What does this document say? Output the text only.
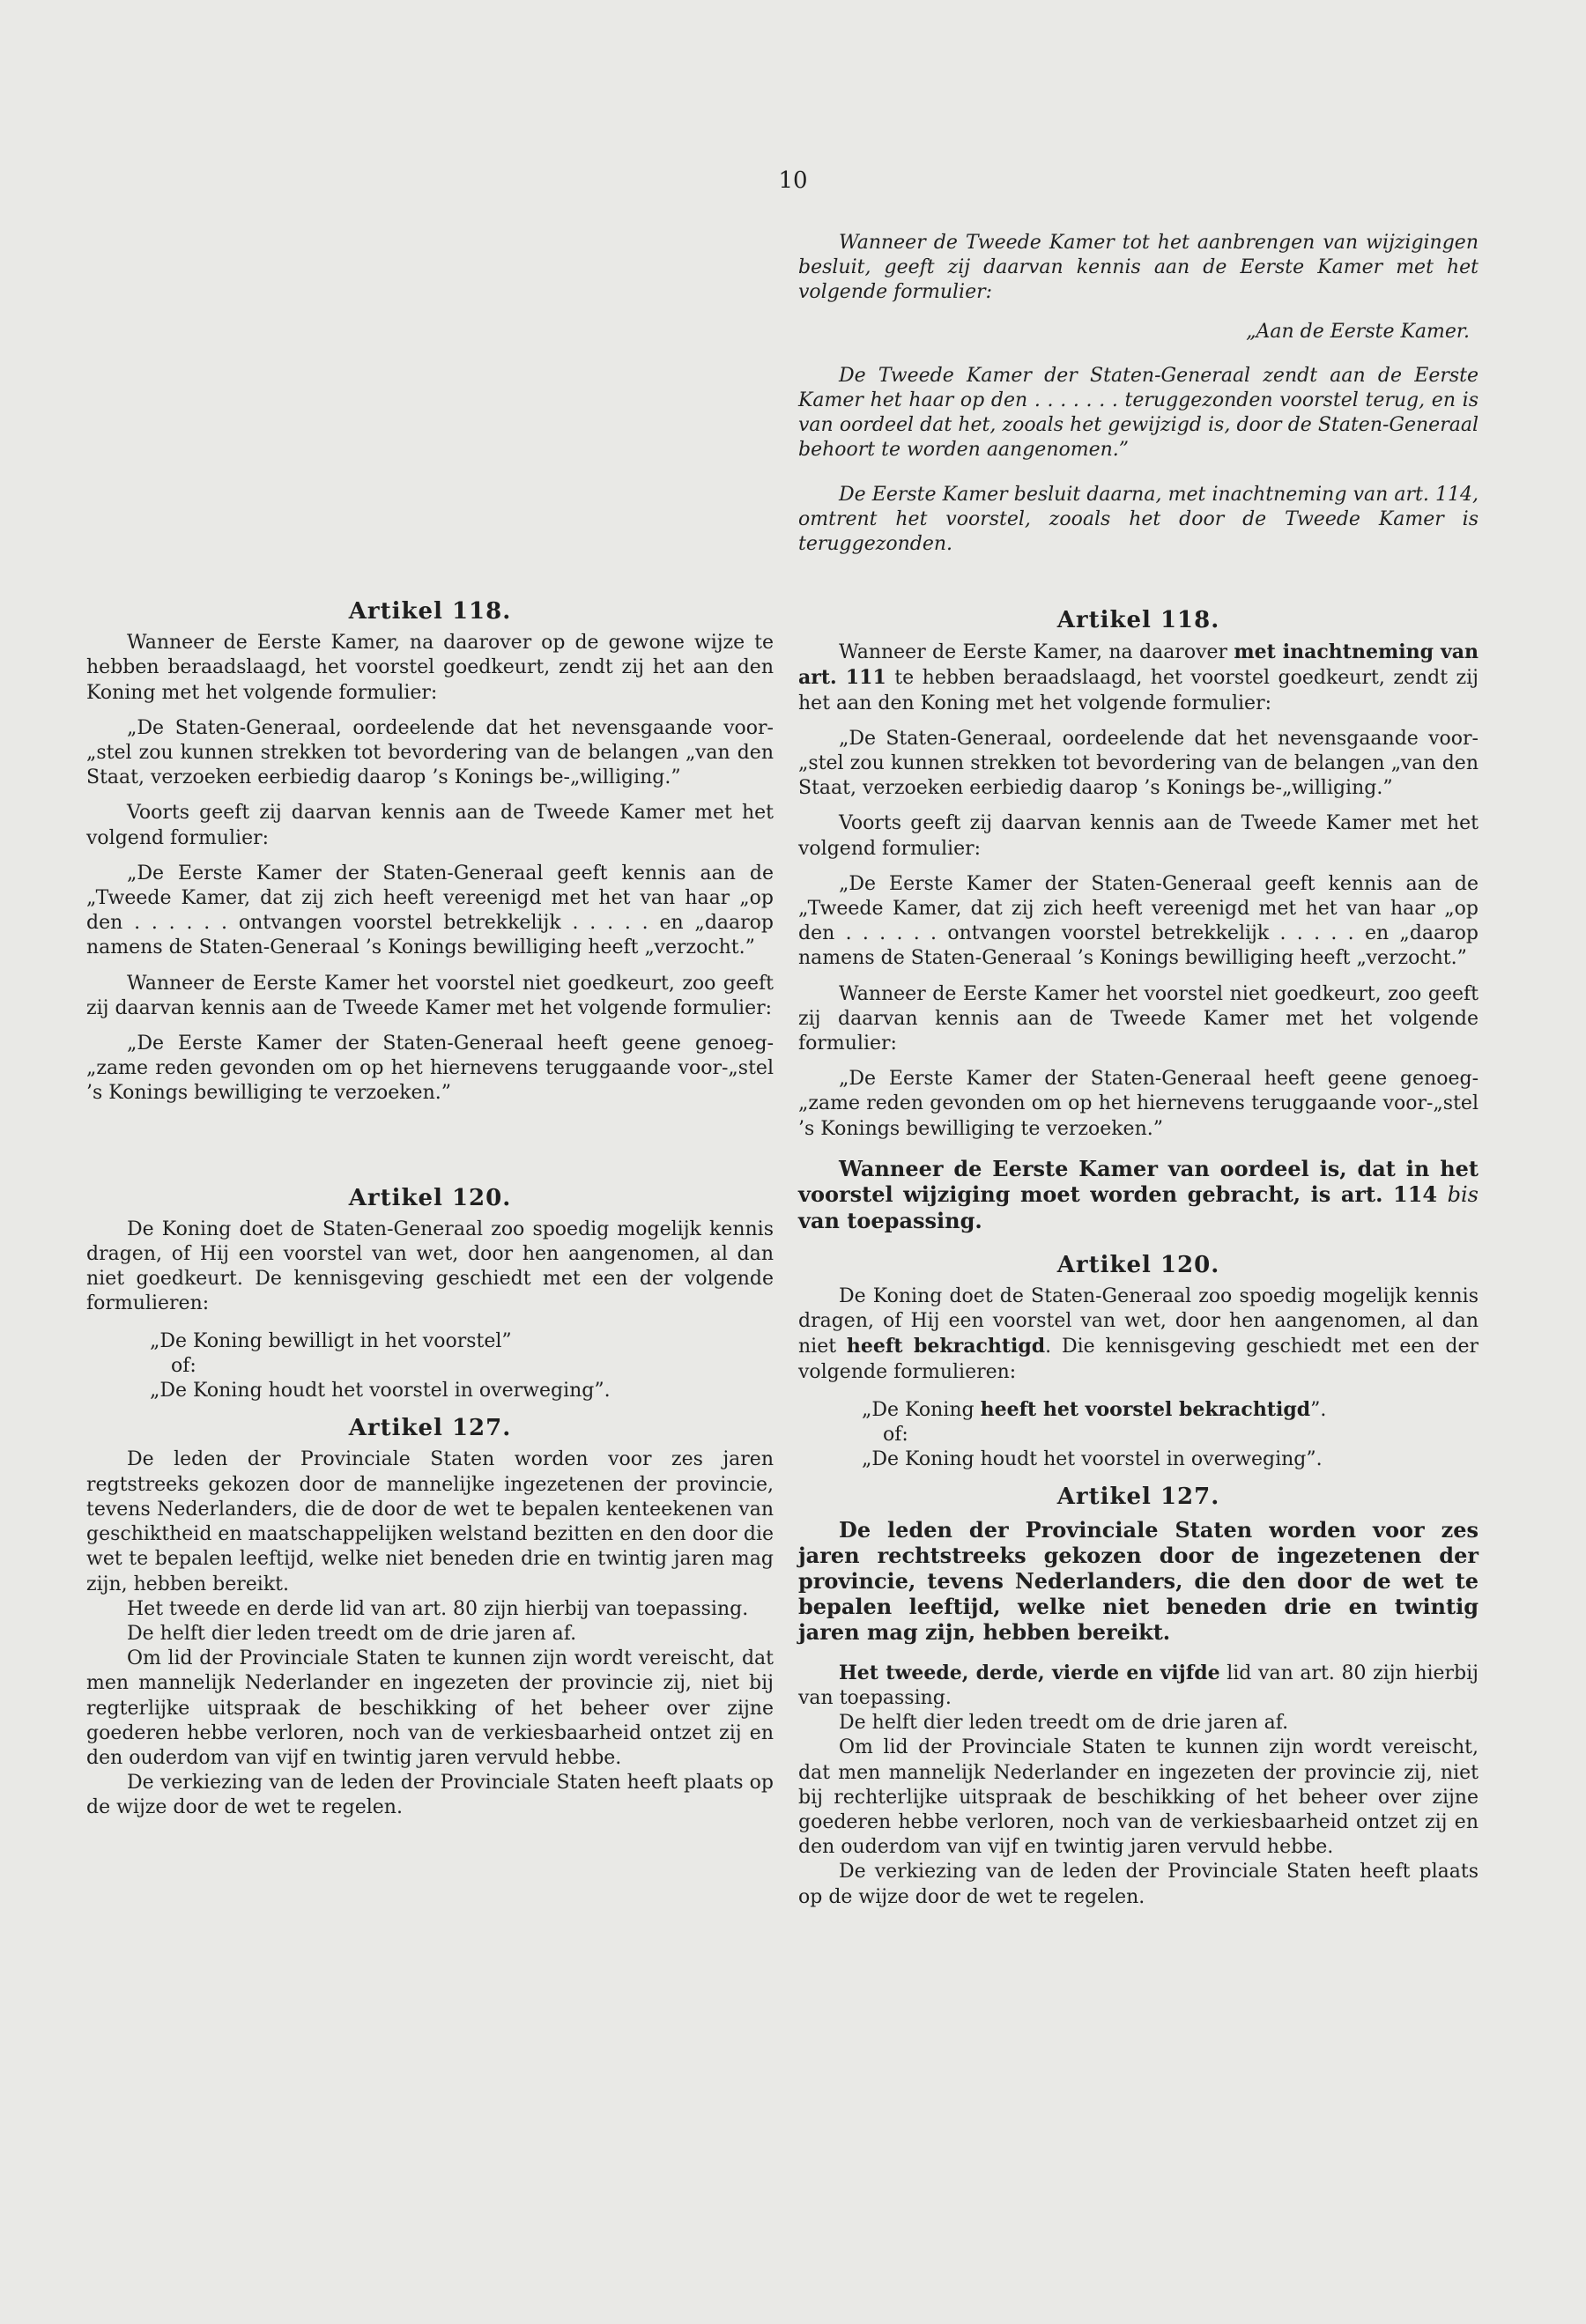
10

Wanneer de Tweede Kamer tot het aanbrengen van wijzigingen besluit, geeft zij daarvan kennis aan de Eerste Kamer met het volgende formulier:

„Aan de Eerste Kamer.

De Tweede Kamer der Staten-Generaal zendt aan de Eerste Kamer het haar op den . . . . . . . teruggezonden voorstel terug, en is van oordeel dat het, zooals het gewijzigd is, door de Staten-Generaal behoort te worden aangenomen.”

De Eerste Kamer besluit daarna, met inachtneming van art. 114, omtrent het voorstel, zooals het door de Tweede Kamer is teruggezonden.

Artikel 118.

Wanneer de Eerste Kamer, na daarover op de gewone wijze te hebben beraadslaagd, het voorstel goedkeurt, zendt zij het aan den Koning met het volgende formulier:

„De Staten-Generaal, oordeelende dat het nevensgaande voor-„stel zou kunnen strekken tot bevordering van de belangen „van den Staat, verzoeken eerbiedig daarop ’s Konings be-„williging.”

Voorts geeft zij daarvan kennis aan de Tweede Kamer met het volgend formulier:

„De Eerste Kamer der Staten-Generaal geeft kennis aan de „Tweede Kamer, dat zij zich heeft vereenigd met het van haar „op den . . . . . . ontvangen voorstel betrekkelijk . . . . . en „daarop namens de Staten-Generaal ’s Konings bewilliging heeft „verzocht.”

Wanneer de Eerste Kamer het voorstel niet goedkeurt, zoo geeft zij daarvan kennis aan de Tweede Kamer met het volgende formulier:

„De Eerste Kamer der Staten-Generaal heeft geene genoeg-„zame reden gevonden om op het hiernevens teruggaande voor-„stel ’s Konings bewilliging te verzoeken.”

Artikel 120.

De Koning doet de Staten-Generaal zoo spoedig mogelijk kennis dragen, of Hij een voorstel van wet, door hen aangenomen, al dan niet goedkeurt. De kennisgeving geschiedt met een der volgende formulieren:

„De Koning bewilligt in het voorstel”

of:

„De Koning houdt het voorstel in overweging”.

Artikel 127.

De leden der Provinciale Staten worden voor zes jaren regtstreeks gekozen door de mannelijke ingezetenen der provincie, tevens Nederlanders, die de door de wet te bepalen kenteekenen van geschiktheid en maatschappelijken welstand bezitten en den door die wet te bepalen leeftijd, welke niet beneden drie en twintig jaren mag zijn, hebben bereikt.

Het tweede en derde lid van art. 80 zijn hierbij van toepassing.

De helft dier leden treedt om de drie jaren af.

Om lid der Provinciale Staten te kunnen zijn wordt vereischt, dat men mannelijk Nederlander en ingezeten der provincie zij, niet bij regterlijke uitspraak de beschikking of het beheer over zijne goederen hebbe verloren, noch van de verkiesbaarheid ontzet zij en den ouderdom van vijf en twintig jaren vervuld hebbe.

De verkiezing van de leden der Provinciale Staten heeft plaats op de wijze door de wet te regelen.

Artikel 118.

Wanneer de Eerste Kamer, na daarover met inachtneming van art. 111 te hebben beraadslaagd, het voorstel goedkeurt, zendt zij het aan den Koning met het volgende formulier:

„De Staten-Generaal, oordeelende dat het nevensgaande voor-„stel zou kunnen strekken tot bevordering van de belangen „van den Staat, verzoeken eerbiedig daarop ’s Konings be-„williging.”

Voorts geeft zij daarvan kennis aan de Tweede Kamer met het volgend formulier:

„De Eerste Kamer der Staten-Generaal geeft kennis aan de „Tweede Kamer, dat zij zich heeft vereenigd met het van haar „op den . . . . . . ontvangen voorstel betrekkelijk . . . . . en „daarop namens de Staten-Generaal ’s Konings bewilliging heeft „verzocht.”

Wanneer de Eerste Kamer het voorstel niet goedkeurt, zoo geeft zij daarvan kennis aan de Tweede Kamer met het volgende formulier:

„De Eerste Kamer der Staten-Generaal heeft geene genoeg-„zame reden gevonden om op het hiernevens teruggaande voor-„stel ’s Konings bewilliging te verzoeken.”

Wanneer de Eerste Kamer van oordeel is, dat in het voorstel wijziging moet worden gebracht, is art. 114 bis van toepassing.

Artikel 120.

De Koning doet de Staten-Generaal zoo spoedig mogelijk kennis dragen, of Hij een voorstel van wet, door hen aangenomen, al dan niet heeft bekrachtigd. Die kennisgeving geschiedt met een der volgende formulieren:

„De Koning heeft het voorstel bekrachtigd”.

of:

„De Koning houdt het voorstel in overweging”.

Artikel 127.

De leden der Provinciale Staten worden voor zes jaren rechtstreeks gekozen door de ingezetenen der provincie, tevens Nederlanders, die den door de wet te bepalen leeftijd, welke niet beneden drie en twintig jaren mag zijn, hebben bereikt.

Het tweede, derde, vierde en vijfde lid van art. 80 zijn hierbij van toepassing.

De helft dier leden treedt om de drie jaren af.

Om lid der Provinciale Staten te kunnen zijn wordt vereischt, dat men mannelijk Nederlander en ingezeten der provincie zij, niet bij rechterlijke uitspraak de beschikking of het beheer over zijne goederen hebbe verloren, noch van de verkiesbaarheid ontzet zij en den ouderdom van vijf en twintig jaren vervuld hebbe.

De verkiezing van de leden der Provinciale Staten heeft plaats op de wijze door de wet te regelen.
